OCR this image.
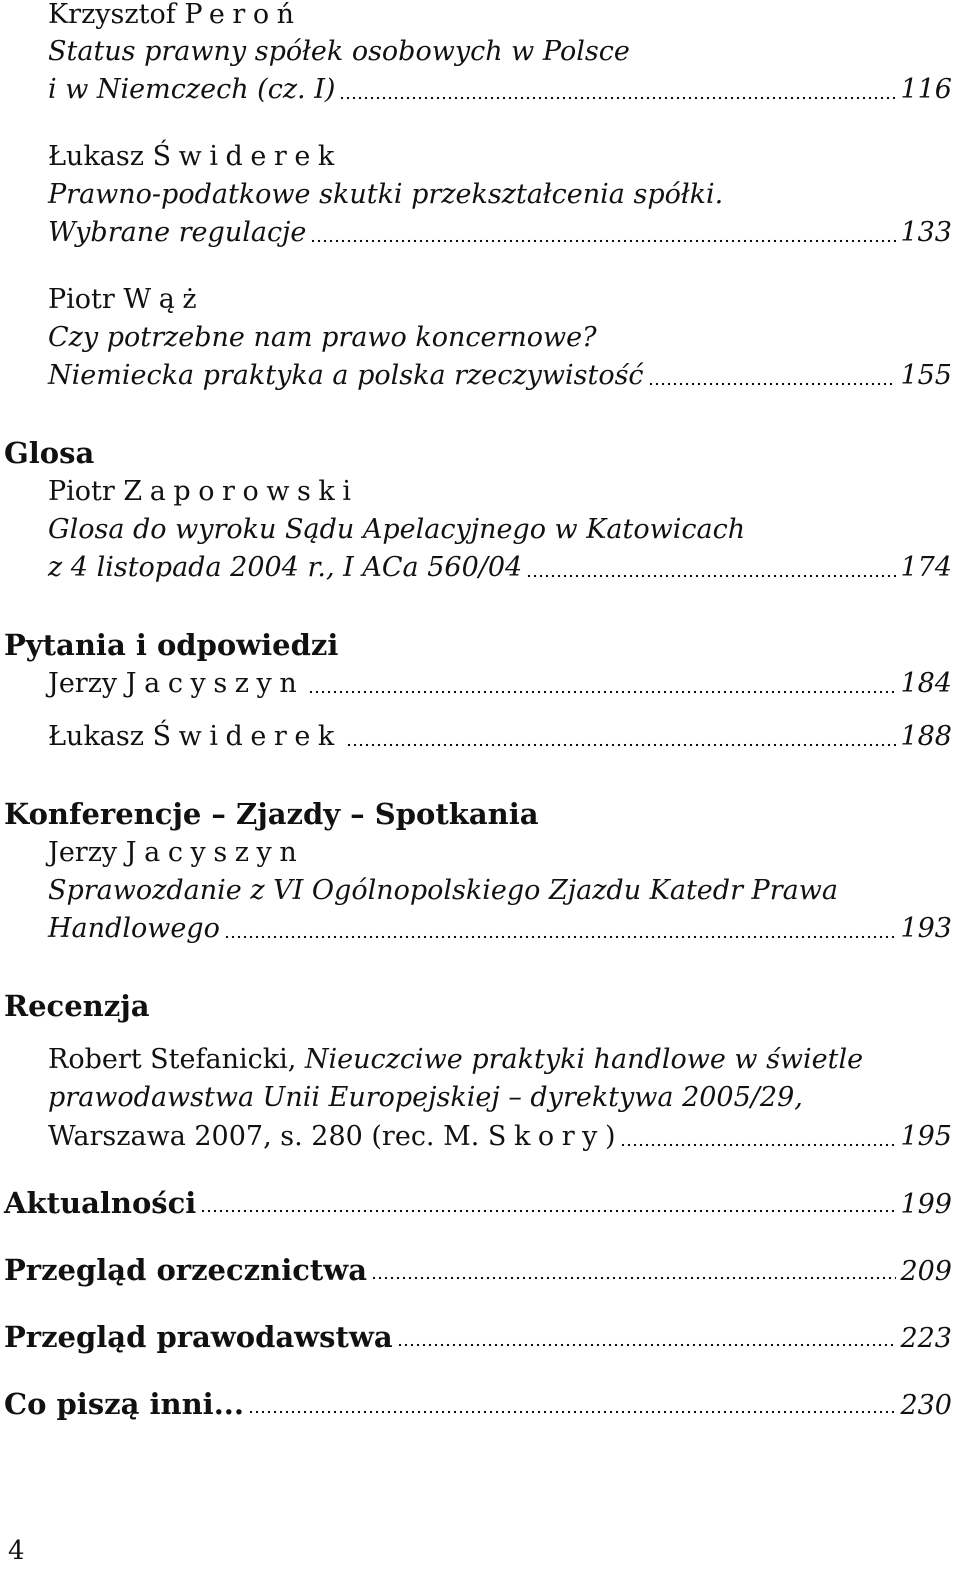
Krzysztof Peroń
Status prawny spółek osobowych w Polsce
i w Niemczech (cz. I)	116
Łukasz Świderek
Prawno-podatkowe skutki przekształcenia spółki.
Wybrane regulacje	133
Piotr Wąż
Czy potrzebne nam prawo koncernowe?
Niemiecka praktyka a polska rzeczywistość	155
Glosa
Piotr Zaporowski
Glosa do wyroku Sądu Apelacyjnego w Katowicach
z 4 listopada 2004 r., I ACa 560/04	174
Pytania i odpowiedzi
Jerzy Jacyszyn	184
Łukasz Świderek	188
Konferencje – Zjazdy – Spotkania
Jerzy Jacyszyn
Sprawozdanie z VI Ogólnopolskiego Zjazdu Katedr Prawa
Handlowego	193
Recenzja
Robert Stefanicki, Nieuczciwe praktyki handlowe w świetle
prawodawstwa Unii Europejskiej – dyrektywa 2005/29,
Warszawa 2007, s. 280 (rec. M. Skory)	195
Aktualności	199
Przegląd orzecznictwa	209
Przegląd prawodawstwa	223
Co piszą inni...	230
4
